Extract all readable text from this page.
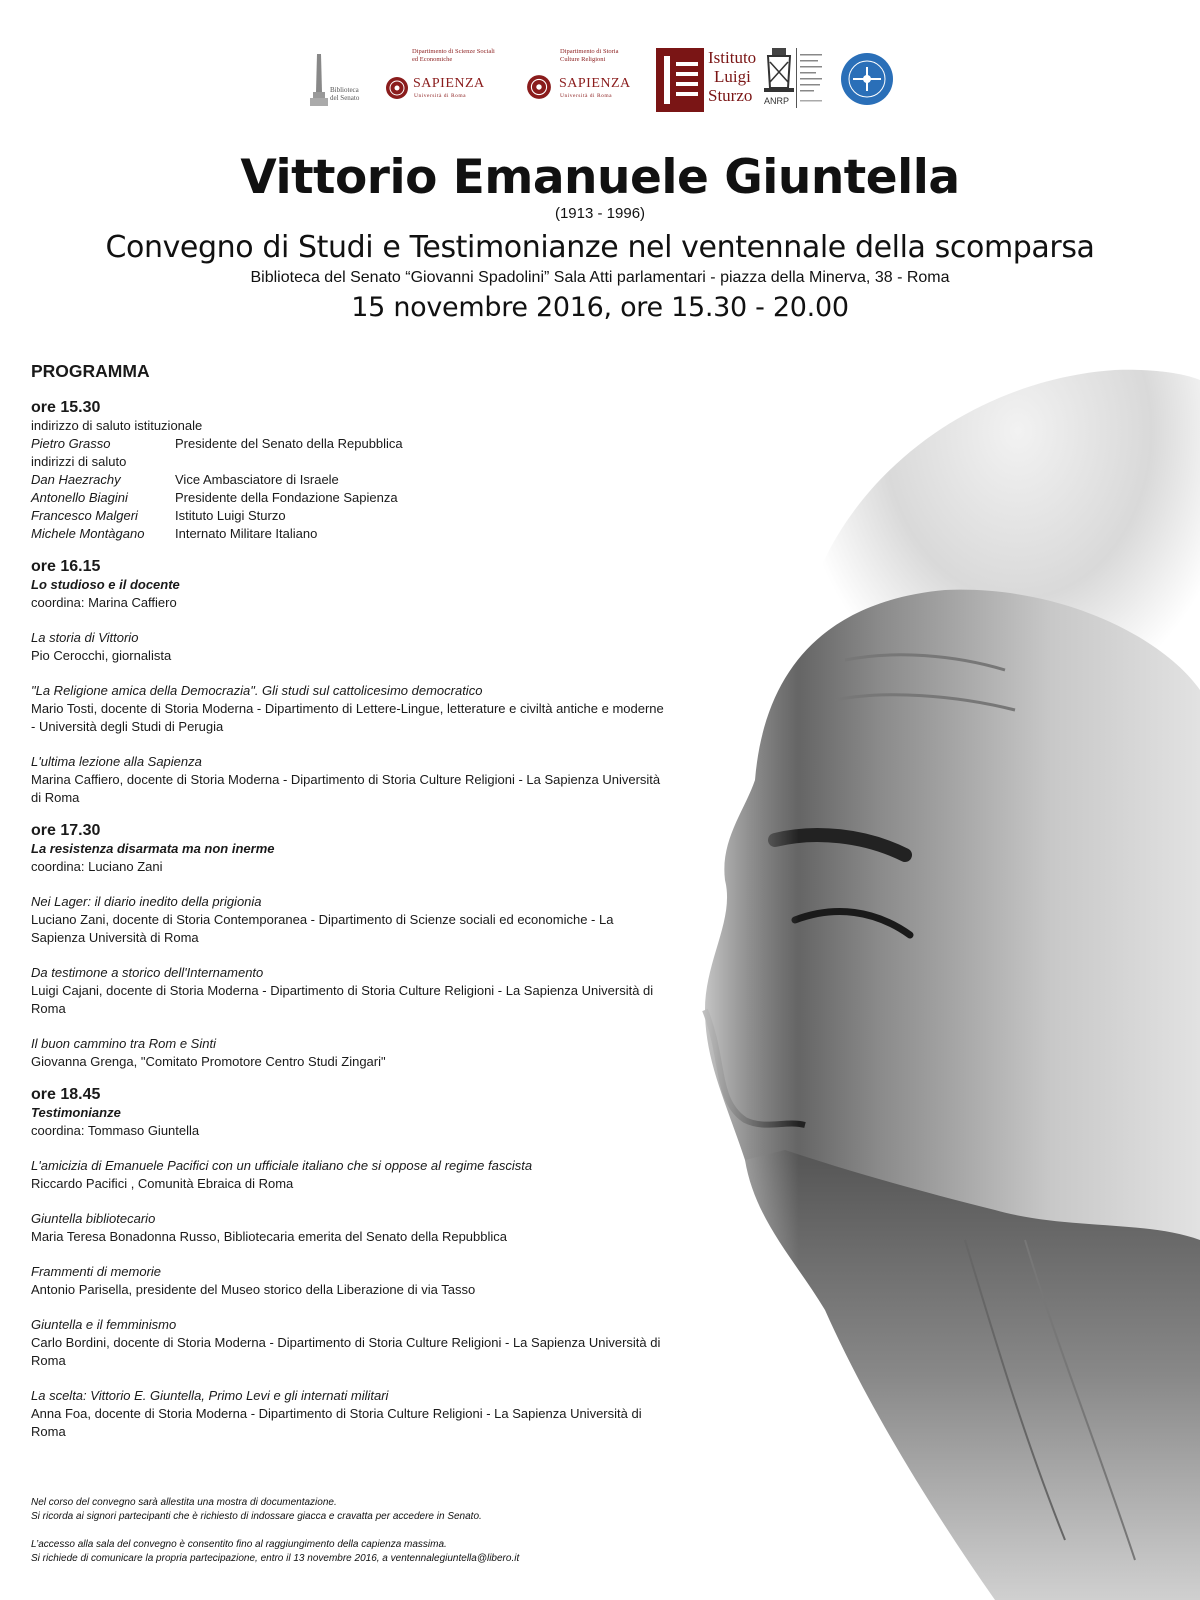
Biblioteca
del Senato
Dipartimento di Scienze Sociali
ed Economiche
SAPIENZA
Università di Roma
Dipartimento di Storia
Culture Religioni
SAPIENZA
Università di Roma
Istituto
Luigi
Sturzo	ANRP
Vittorio Emanuele Giuntella
(1913 - 1996)
Convegno di Studi e Testimonianze nel ventennale della scomparsa
Biblioteca del Senato “Giovanni Spadolini” Sala Atti parlamentari - piazza della Minerva, 38 - Roma
15 novembre 2016, ore 15.30 - 20.00
PROGRAMMA
ore 15.30
indirizzo di saluto istituzionale
Pietro Grasso	Presidente del Senato della Repubblica
indirizzi di saluto
Dan Haezrachy	Vice Ambasciatore di Israele
Antonello Biagini	Presidente della Fondazione Sapienza
Francesco Malgeri	Istituto Luigi Sturzo
Michele Montàgano	Internato Militare Italiano
ore 16.15
Lo studioso e il docente
coordina: Marina Caffiero
La storia di Vittorio
Pio Cerocchi, giornalista
"La Religione amica della Democrazia". Gli studi sul cattolicesimo democratico
Mario Tosti, docente di Storia Moderna - Dipartimento di Lettere-Lingue, letterature e civiltà antiche e moderne - Università degli Studi di Perugia
L'ultima lezione alla Sapienza
Marina Caffiero, docente di Storia Moderna - Dipartimento di Storia Culture Religioni - La Sapienza Università di Roma
ore 17.30
La resistenza disarmata ma non inerme
coordina: Luciano Zani
Nei Lager: il diario inedito della prigionia
Luciano Zani, docente di Storia Contemporanea - Dipartimento di Scienze sociali ed economiche - La Sapienza Università di Roma
Da testimone a storico dell'Internamento
Luigi Cajani, docente di Storia Moderna - Dipartimento di Storia Culture Religioni - La Sapienza Università di Roma
Il buon cammino tra Rom e Sinti
Giovanna Grenga, "Comitato Promotore Centro Studi Zingari"
ore 18.45
Testimonianze
coordina: Tommaso Giuntella
L'amicizia di Emanuele Pacifici con un ufficiale italiano che si oppose al regime fascista
Riccardo Pacifici , Comunità Ebraica di Roma
Giuntella bibliotecario
Maria Teresa Bonadonna Russo, Bibliotecaria emerita del Senato della Repubblica
Frammenti di memorie
Antonio Parisella, presidente del Museo storico della Liberazione di via Tasso
Giuntella e il femminismo
Carlo Bordini, docente di Storia Moderna - Dipartimento di Storia Culture Religioni - La Sapienza Università di Roma
La scelta: Vittorio E. Giuntella, Primo Levi e gli internati militari
Anna Foa, docente di Storia Moderna - Dipartimento di Storia Culture Religioni - La Sapienza Università di Roma
Nel corso del convegno sarà allestita una mostra di documentazione.
Si ricorda ai signori partecipanti che è richiesto di indossare giacca e cravatta per accedere in Senato.
L’accesso alla sala del convegno è consentito fino al raggiungimento della capienza massima.
Si richiede di comunicare la propria partecipazione, entro il 13 novembre 2016, a ventennalegiuntella@libero.it
